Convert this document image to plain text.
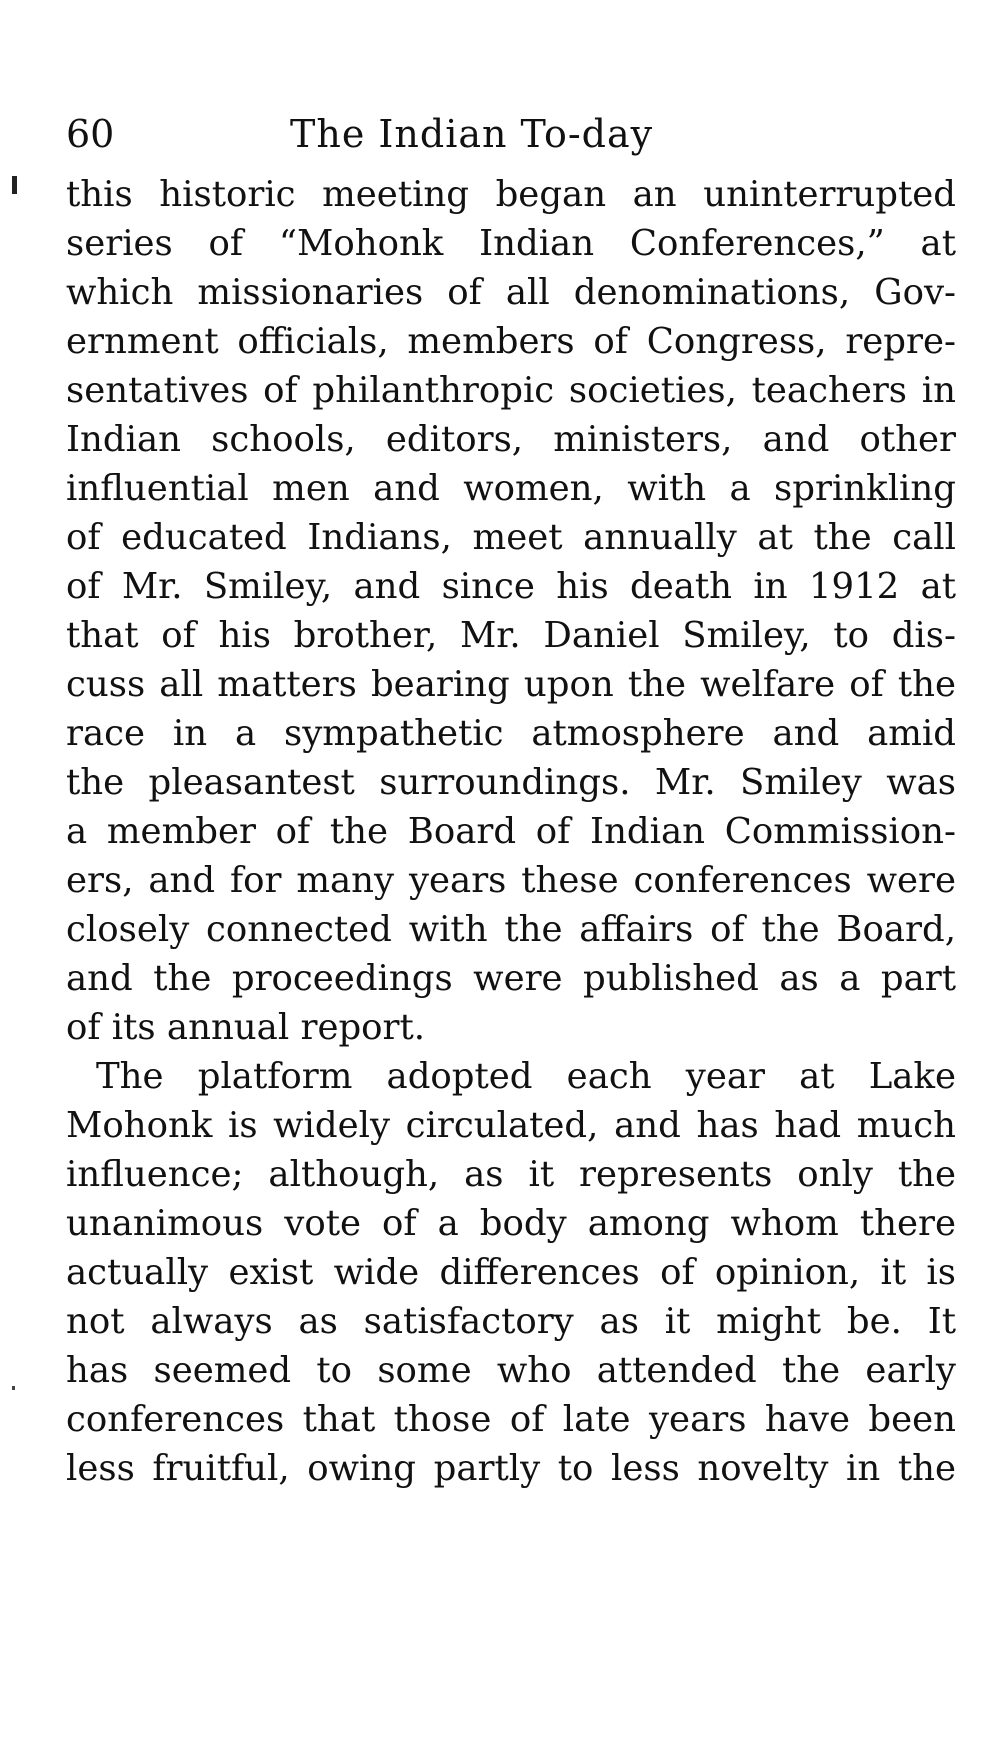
60	The Indian To-day
this historic meeting began an uninterrupted
series of “Mohonk Indian Conferences,” at
which missionaries of all denominations, Gov-
ernment officials, members of Congress, repre-
sentatives of philanthropic societies, teachers in
Indian schools, editors, ministers, and other
influential men and women, with a sprinkling
of educated Indians, meet annually at the call
of Mr. Smiley, and since his death in 1912 at
that of his brother, Mr. Daniel Smiley, to dis-
cuss all matters bearing upon the welfare of the
race in a sympathetic atmosphere and amid
the pleasantest surroundings. Mr. Smiley was
a member of the Board of Indian Commission-
ers, and for many years these conferences were
closely connected with the affairs of the Board,
and the proceedings were published as a part
of its annual report.
The platform adopted each year at Lake
Mohonk is widely circulated, and has had much
influence; although, as it represents only the
unanimous vote of a body among whom there
actually exist wide differences of opinion, it is
not always as satisfactory as it might be. It
has seemed to some who attended the early
conferences that those of late years have been
less fruitful, owing partly to less novelty in the
